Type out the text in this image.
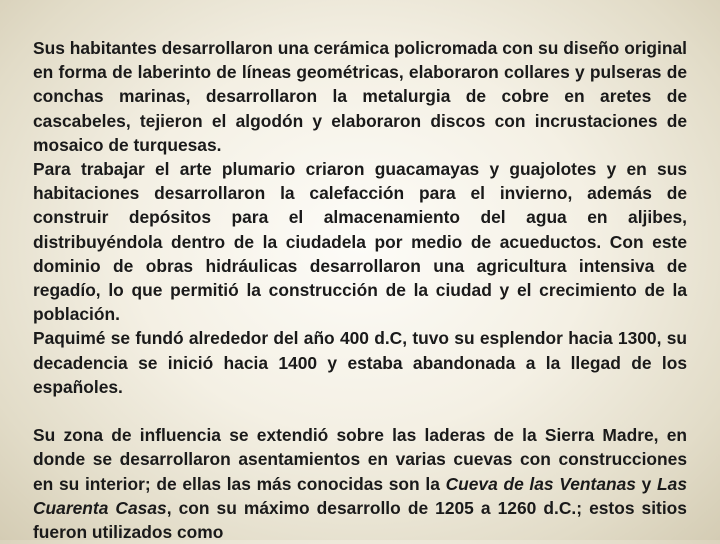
Sus habitantes desarrollaron una cerámica policromada con su diseño original en forma de laberinto de líneas geométricas, elaboraron collares y pulseras de conchas marinas, desarrollaron la metalurgia de cobre en aretes de cascabeles, tejieron el algodón y elaboraron discos con incrustaciones de mosaico de turquesas.

Para trabajar el arte plumario criaron guacamayas y guajolotes y en sus habitaciones desarrollaron la calefacción para el invierno, además de construir depósitos para el almacenamiento del agua en aljibes, distribuyéndola dentro de la ciudadela por medio de acueductos. Con este dominio de obras hidráulicas desarrollaron una agricultura intensiva de regadío, lo que permitió la construcción de la ciudad y el crecimiento de la población.

Paquimé se fundó alrededor del año 400 d.C, tuvo su esplendor hacia 1300, su decadencia se inició hacia 1400 y estaba abandonada a la llegad de los españoles.

Su zona de influencia se extendió sobre las laderas de la Sierra Madre, en donde se desarrollaron asentamientos en varias cuevas con construcciones en su interior; de ellas las más conocidas son la Cueva de las Ventanas y Las Cuarenta Casas, con su máximo desarrollo de 1205 a 1260 d.C.; estos sitios fueron utilizados como
